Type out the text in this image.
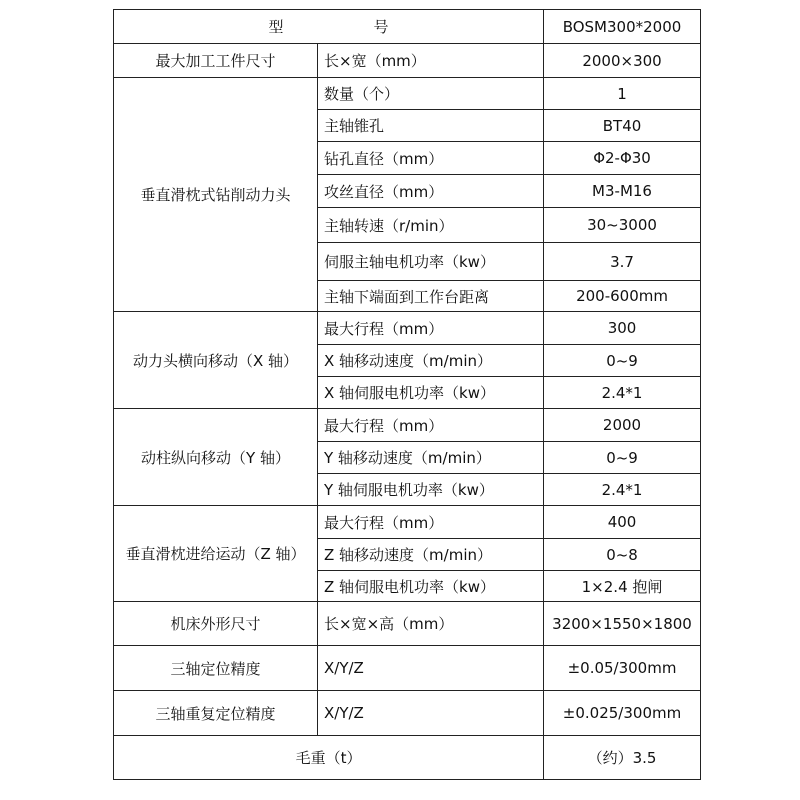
型　　　　　　号		BOSM300*2000
最大加工工件尺寸	长×宽（mm）	2000×300
垂直滑枕式钻削动力头	数量（个）	1
	主轴锥孔	BT40
	钻孔直径（mm）	Φ2-Φ30
	攻丝直径（mm）	M3-M16
	主轴转速（r/min）	30~3000
	伺服主轴电机功率（kw）	3.7
	主轴下端面到工作台距离	200-600mm
动力头横向移动（X 轴）	最大行程（mm）	300
	X 轴移动速度（m/min）	0~9
	X 轴伺服电机功率（kw）	2.4*1
动柱纵向移动（Y 轴）	最大行程（mm）	2000
	Y 轴移动速度（m/min）	0~9
	Y 轴伺服电机功率（kw）	2.4*1
垂直滑枕进给运动（Z 轴）	最大行程（mm）	400
	Z 轴移动速度（m/min）	0~8
	Z 轴伺服电机功率（kw）	1×2.4 抱闸
机床外形尺寸	长×宽×高（mm）	3200×1550×1800
三轴定位精度	X/Y/Z	±0.05/300mm
三轴重复定位精度	X/Y/Z	±0.025/300mm
毛重（t）		（约）3.5
